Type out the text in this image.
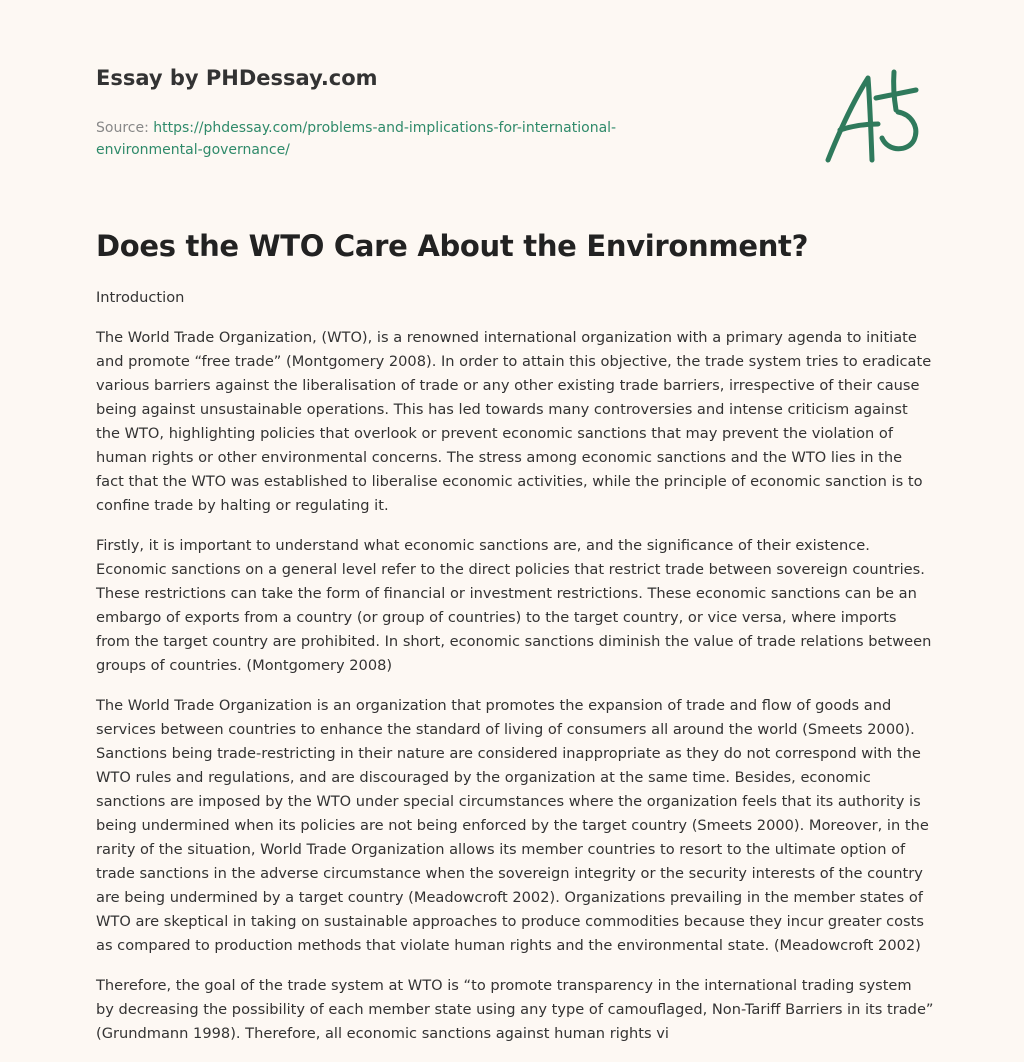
Essay by PHDessay.com
Source: https://phdessay.com/problems-and-implications-for-international-
environmental-governance/
Does the WTO Care About the Environment?

Introduction

The World Trade Organization, (WTO), is a renowned international organization with a primary agenda to initiate and promote “free trade” (Montgomery 2008). In order to attain this objective, the trade system tries to eradicate various barriers against the liberalisation of trade or any other existing trade barriers, irrespective of their cause being against unsustainable operations. This has led towards many controversies and intense criticism against the WTO, highlighting policies that overlook or prevent economic sanctions that may prevent the violation of human rights or other environmental concerns. The stress among economic sanctions and the WTO lies in the fact that the WTO was established to liberalise economic activities, while the principle of economic sanction is to confine trade by halting or regulating it.

Firstly, it is important to understand what economic sanctions are, and the significance of their existence. Economic sanctions on a general level refer to the direct policies that restrict trade between sovereign countries. These restrictions can take the form of financial or investment restrictions. These economic sanctions can be an embargo of exports from a country (or group of countries) to the target country, or vice versa, where imports from the target country are prohibited. In short, economic sanctions diminish the value of trade relations between groups of countries. (Montgomery 2008)

The World Trade Organization is an organization that promotes the expansion of trade and flow of goods and services between countries to enhance the standard of living of consumers all around the world (Smeets 2000). Sanctions being trade-restricting in their nature are considered inappropriate as they do not correspond with the WTO rules and regulations, and are discouraged by the organization at the same time. Besides, economic sanctions are imposed by the WTO under special circumstances where the organization feels that its authority is being undermined when its policies are not being enforced by the target country (Smeets 2000). Moreover, in the rarity of the situation, World Trade Organization allows its member countries to resort to the ultimate option of trade sanctions in the adverse circumstance when the sovereign integrity or the security interests of the country are being undermined by a target country (Meadowcroft 2002). Organizations prevailing in the member states of WTO are skeptical in taking on sustainable approaches to produce commodities because they incur greater costs as compared to production methods that violate human rights and the environmental state. (Meadowcroft 2002)

Therefore, the goal of the trade system at WTO is “to promote transparency in the international trading system by decreasing the possibility of each member state using any type of camouflaged, Non-Tariff Barriers in its trade” (Grundmann 1998). Therefore, all economic sanctions against human rights vi
